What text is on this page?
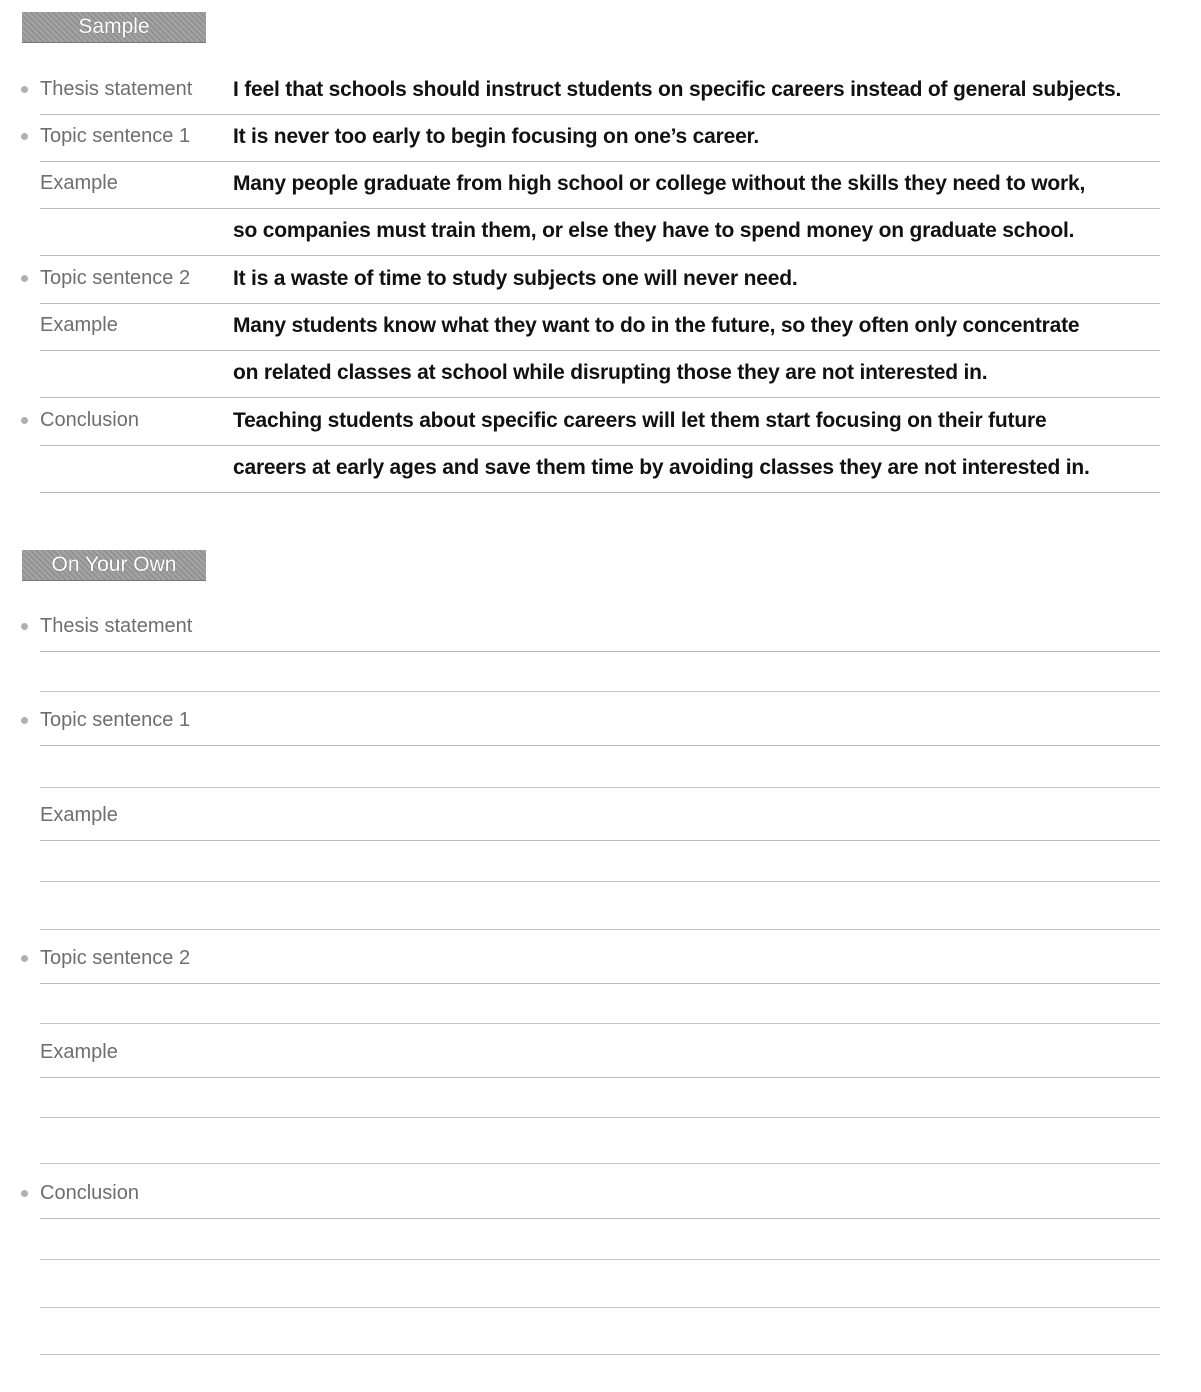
Sample
Thesis statement I feel that schools should instruct students on specific careers instead of general subjects.
Topic sentence 1 It is never too early to begin focusing on one’s career.
Example	Many people graduate from high school or college without the skills they need to work,
so companies must train them, or else they have to spend money on graduate school.
Topic sentence 2 It is a waste of time to study subjects one will never need.
Example	Many students know what they want to do in the future, so they often only concentrate
on related classes at school while disrupting those they are not interested in.
Conclusion	Teaching students about specific careers will let them start focusing on their future
careers at early ages and save them time by avoiding classes they are not interested in.
On Your Own
Thesis statement
Topic sentence 1
Example
Topic sentence 2
Example
Conclusion
